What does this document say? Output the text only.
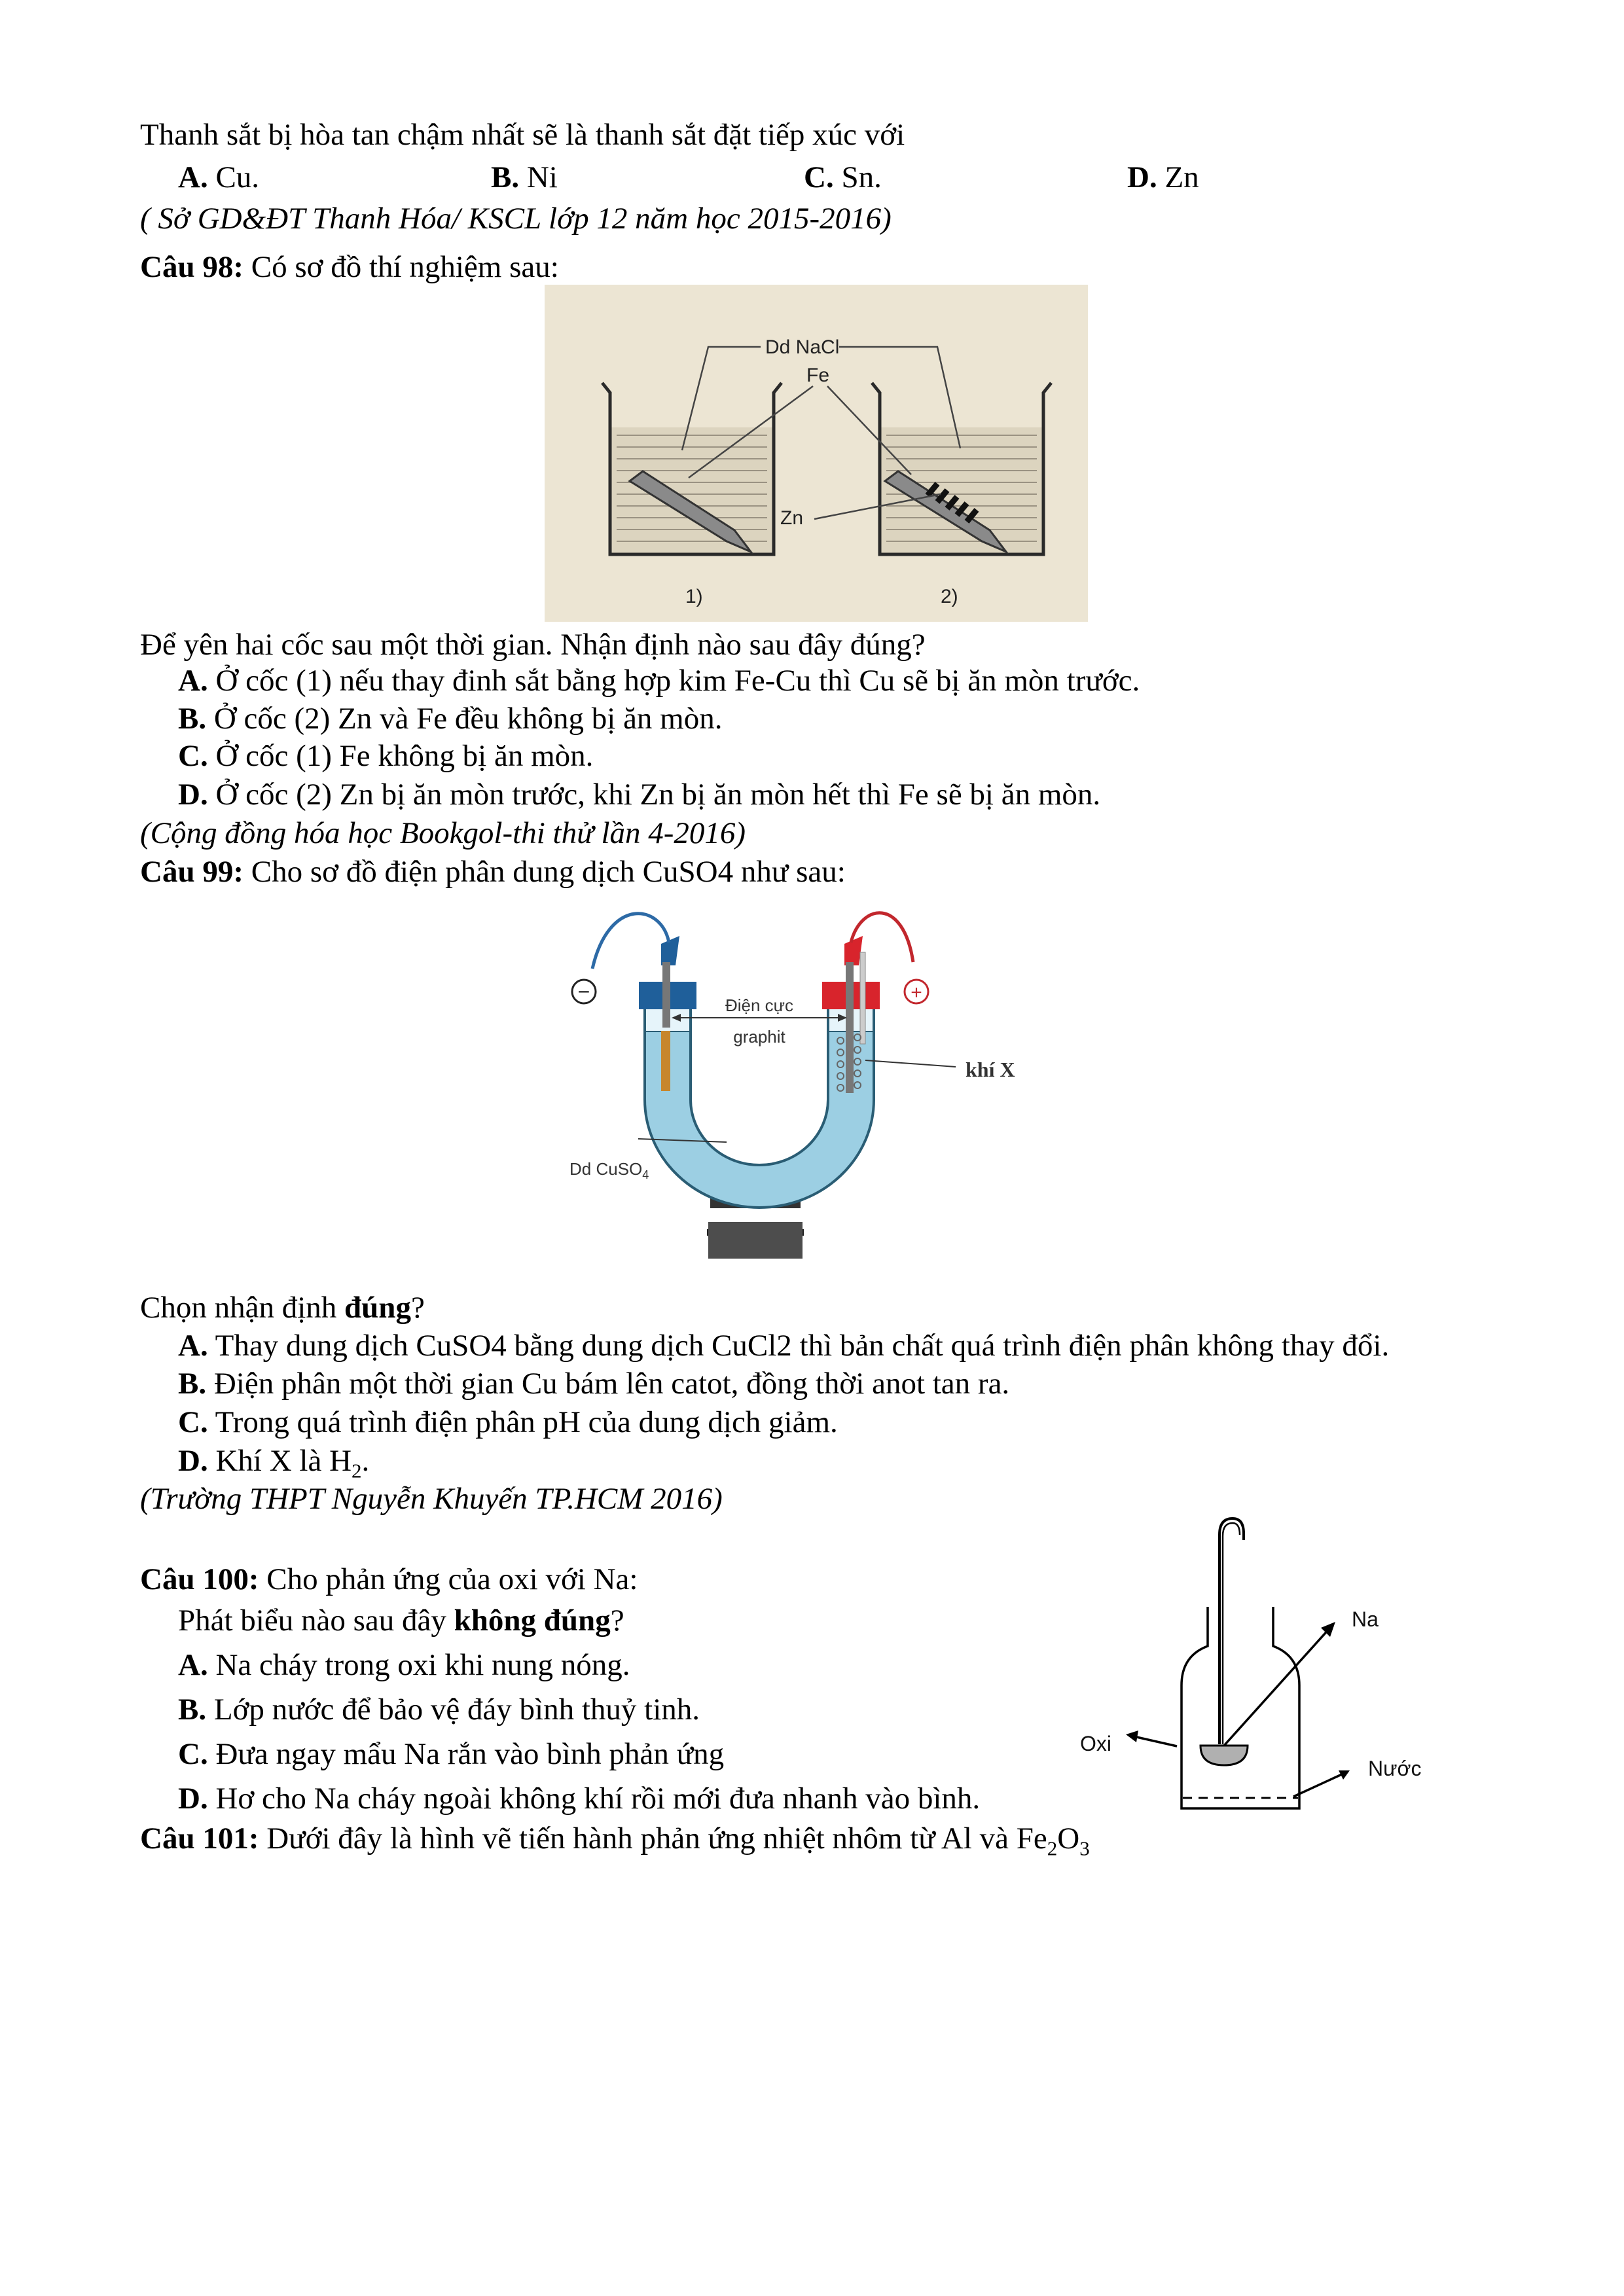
Thanh sắt bị hòa tan chậm nhất sẽ là thanh sắt đặt tiếp xúc với
A. Cu.	B. Ni	C. Sn.	D. Zn
( Sở GD&ĐT Thanh Hóa/ KSCL lớp 12 năm học 2015-2016)
Câu 98: Có sơ đồ thí nghiệm sau:
Dd NaCl
Fe
Zn
1)	2)
Để yên hai cốc sau một thời gian. Nhận định nào sau đây đúng?
A. Ở cốc (1) nếu thay đinh sắt bằng hợp kim Fe-Cu thì Cu sẽ bị ăn mòn trước.
B. Ở cốc (2) Zn và Fe đều không bị ăn mòn.
C. Ở cốc (1) Fe không bị ăn mòn.
D. Ở cốc (2) Zn bị ăn mòn trước, khi Zn bị ăn mòn hết thì Fe sẽ bị ăn mòn.
(Cộng đồng hóa học Bookgol-thi thử lần 4-2016)
Câu 99: Cho sơ đồ điện phân dung dịch CuSO4 như sau:
−	+
Điện cực
graphit
khí X
Dd CuSO$_4$
Chọn nhận định đúng?
A. Thay dung dịch CuSO4 bằng dung dịch CuCl2 thì bản chất quá trình điện phân không thay đổi.
B. Điện phân một thời gian Cu bám lên catot, đồng thời anot tan ra.
C. Trong quá trình điện phân pH của dung dịch giảm.
D. Khí X là $H_2$.
(Trường THPT Nguyễn Khuyến TP.HCM 2016)
Câu 100: Cho phản ứng của oxi với Na:
Phát biểu nào sau đây không đúng?
A. Na cháy trong oxi khi nung nóng.
B. Lớp nước để bảo vệ đáy bình thuỷ tinh.
C. Đưa ngay mẩu Na rắn vào bình phản ứng
D. Hơ cho Na cháy ngoài không khí rồi mới đưa nhanh vào bình.
Na
Oxi
Nước
Câu 101: Dưới đây là hình vẽ tiến hành phản ứng nhiệt nhôm từ Al và $Fe_2O_3$
